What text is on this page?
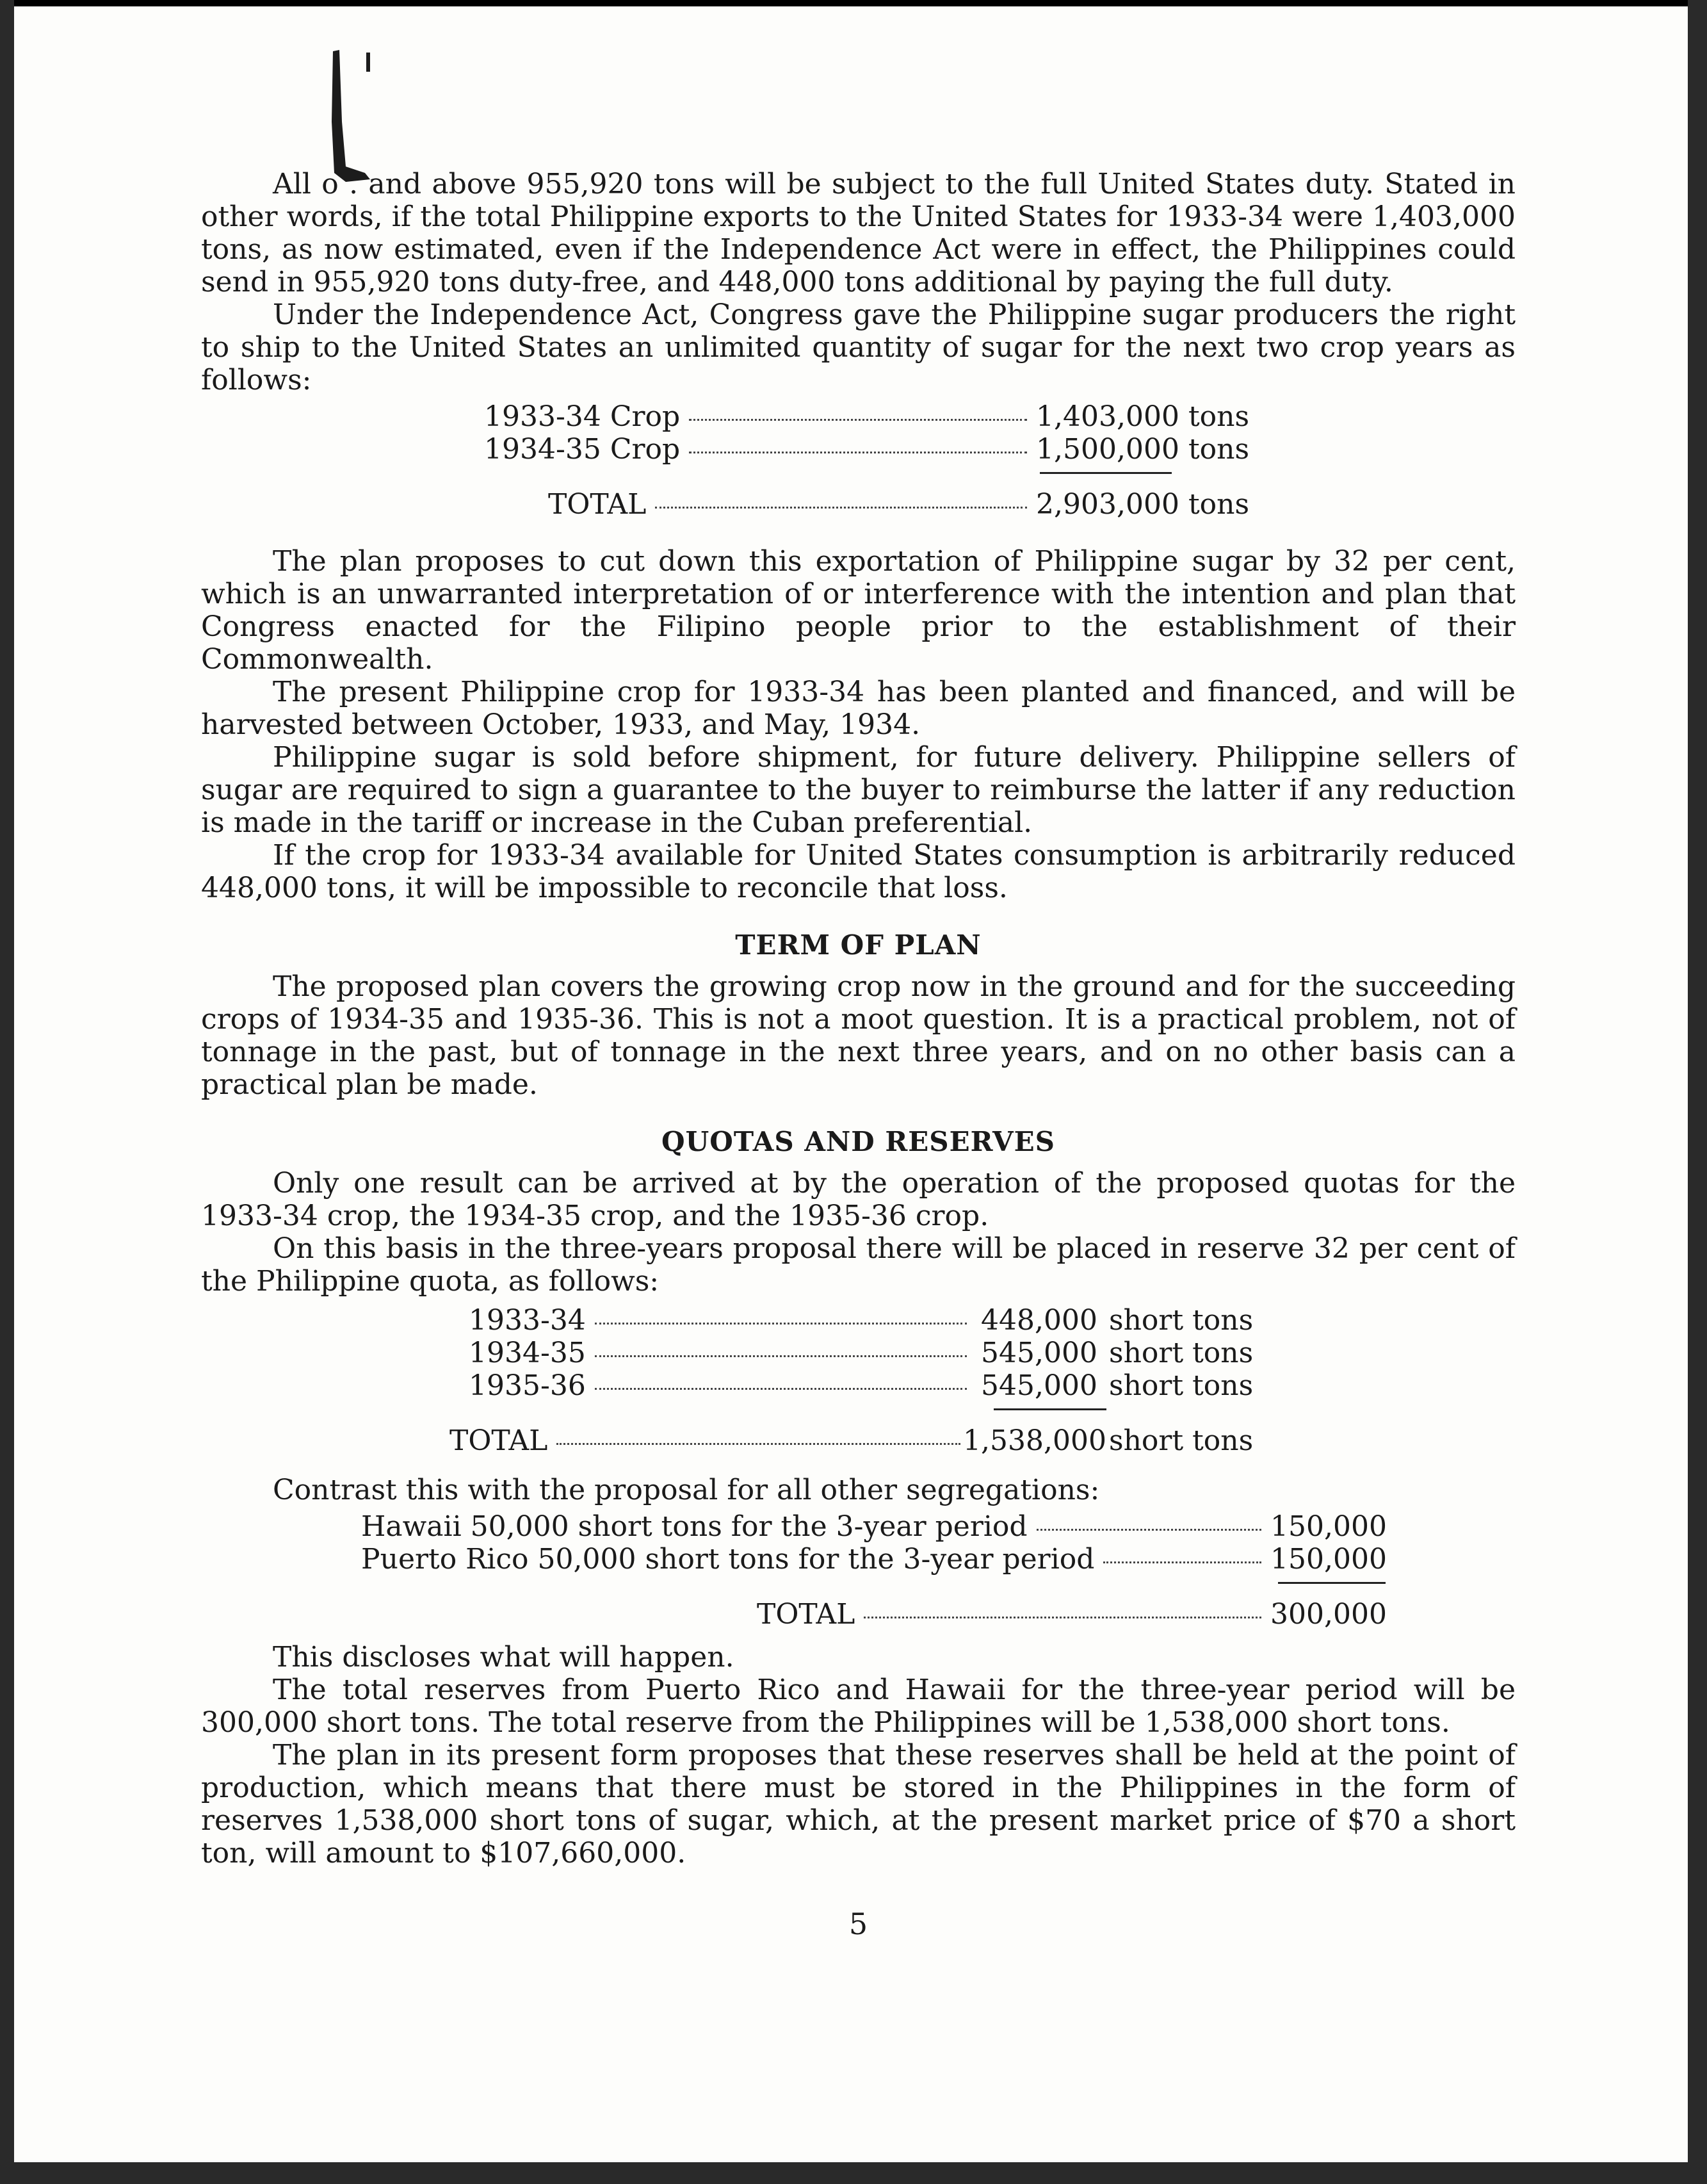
All o . and above 955,920 tons will be subject to the full United States duty. Stated in other words, if the total Philippine exports to the United States for 1933-34 were 1,403,000 tons, as now estimated, even if the Independence Act were in effect, the Philippines could send in 955,920 tons duty-free, and 448,000 tons additional by paying the full duty.

Under the Independence Act, Congress gave the Philippine sugar producers the right to ship to the United States an unlimited quantity of sugar for the next two crop years as follows:

1933-34 Crop	1,403,000 tons
1934-35 Crop	1,500,000 tons
TOTAL	2,903,000 tons

The plan proposes to cut down this exportation of Philippine sugar by 32 per cent, which is an unwarranted interpretation of or interference with the intention and plan that Congress enacted for the Filipino people prior to the establishment of their Commonwealth.

The present Philippine crop for 1933-34 has been planted and financed, and will be harvested between October, 1933, and May, 1934.

Philippine sugar is sold before shipment, for future delivery. Philippine sellers of sugar are required to sign a guarantee to the buyer to reimburse the latter if any reduction is made in the tariff or increase in the Cuban preferential.

If the crop for 1933-34 available for United States consumption is arbitrarily reduced 448,000 tons, it will be impossible to reconcile that loss.

TERM OF PLAN

The proposed plan covers the growing crop now in the ground and for the succeeding crops of 1934-35 and 1935-36. This is not a moot question. It is a practical problem, not of tonnage in the past, but of tonnage in the next three years, and on no other basis can a practical plan be made.

QUOTAS AND RESERVES

Only one result can be arrived at by the operation of the proposed quotas for the 1933-34 crop, the 1934-35 crop, and the 1935-36 crop.

On this basis in the three-years proposal there will be placed in reserve 32 per cent of the Philippine quota, as follows:

1933-34	448,000 short tons
1934-35	545,000 short tons
1935-36	545,000 short tons
TOTAL	1,538,000 short tons

Contrast this with the proposal for all other segregations:

Hawaii 50,000 short tons for the 3-year period	150,000
Puerto Rico 50,000 short tons for the 3-year period	150,000
TOTAL	300,000

This discloses what will happen.

The total reserves from Puerto Rico and Hawaii for the three-year period will be 300,000 short tons. The total reserve from the Philippines will be 1,538,000 short tons.

The plan in its present form proposes that these reserves shall be held at the point of production, which means that there must be stored in the Philippines in the form of reserves 1,538,000 short tons of sugar, which, at the present market price of $70 a short ton, will amount to $107,660,000.

5
